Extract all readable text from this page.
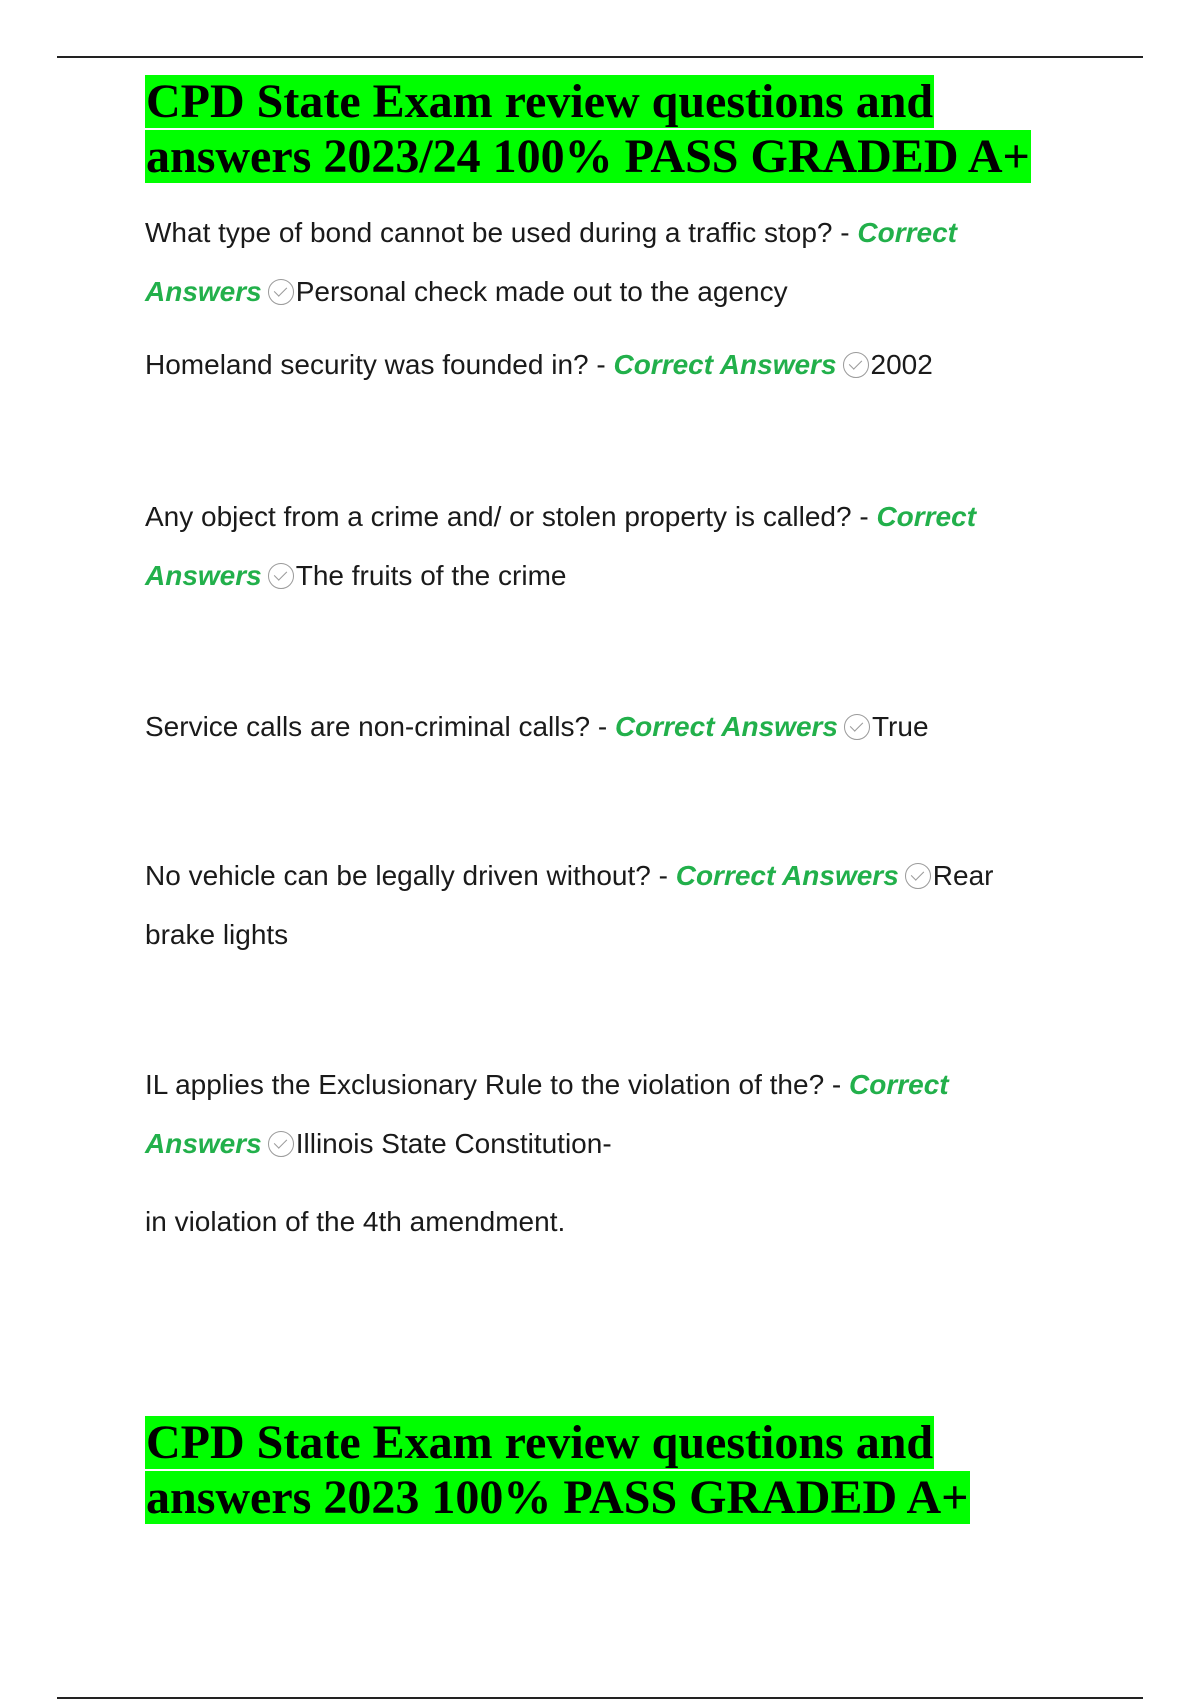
CPD State Exam review questions and answers 2023/24 100% PASS GRADED A+

What type of bond cannot be used during a traffic stop? - Correct Answers Personal check made out to the agency

Homeland security was founded in? - Correct Answers 2002

Any object from a crime and/ or stolen property is called? - Correct Answers The fruits of the crime

Service calls are non-criminal calls? - Correct Answers True

No vehicle can be legally driven without? - Correct Answers Rear brake lights

IL applies the Exclusionary Rule to the violation of the? - Correct Answers Illinois State Constitution-

in violation of the 4th amendment.

CPD State Exam review questions and answers 2023 100% PASS GRADED A+
